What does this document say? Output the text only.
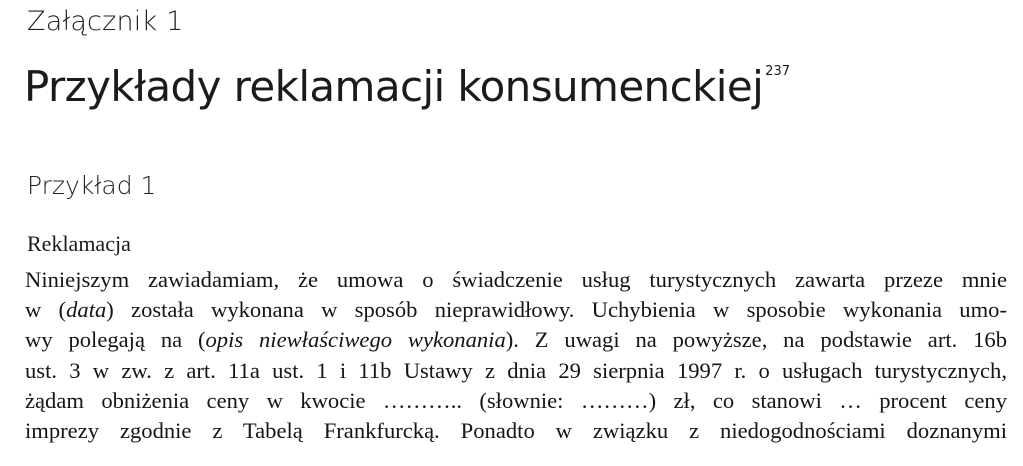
Załącznik 1
Przykłady reklamacji konsumenckiej $^{237}$
Przykład 1
Reklamacja
Niniejszym zawiadamiam, że umowa o świadczenie usług turystycznych zawarta przeze mnie
w (data) została wykonana w sposób nieprawidłowy. Uchybienia w sposobie wykonania umo-
wy polegają na (opis niewłaściwego wykonania). Z uwagi na powyższe, na podstawie art. 16b
ust. 3 w zw. z art. 11a ust. 1 i 11b Ustawy z dnia 29 sierpnia 1997 r. o usługach turystycznych,
żądam obniżenia ceny w kwocie ……….. (słownie: ………) zł, co stanowi … procent ceny
imprezy zgodnie z Tabelą Frankfurcką. Ponadto w związku z niedogodnościami doznanymi
